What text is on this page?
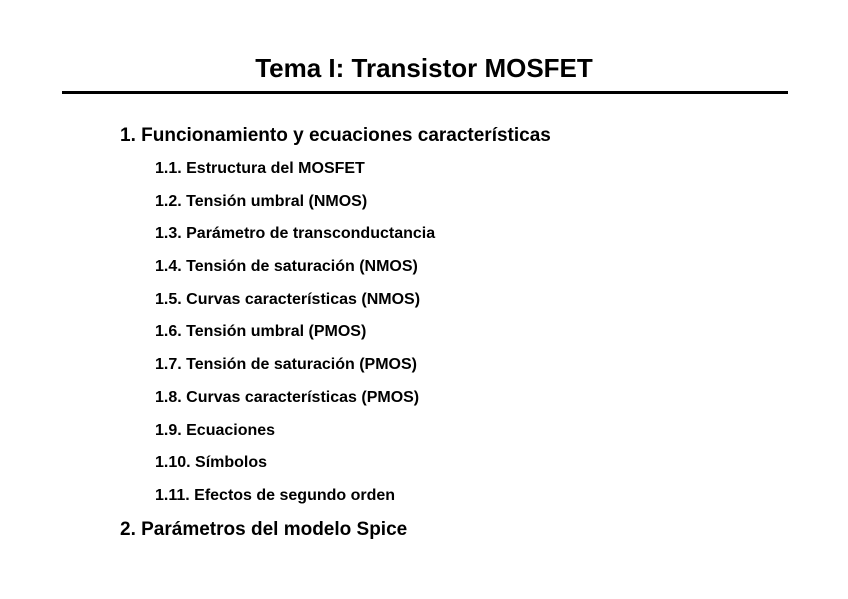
Tema I: Transistor MOSFET
1. Funcionamiento y ecuaciones características
1.1. Estructura del MOSFET
1.2. Tensión umbral (NMOS)
1.3. Parámetro de transconductancia
1.4. Tensión de saturación (NMOS)
1.5. Curvas características (NMOS)
1.6. Tensión umbral (PMOS)
1.7. Tensión de saturación (PMOS)
1.8. Curvas características (PMOS)
1.9. Ecuaciones
1.10. Símbolos
1.11. Efectos de segundo orden
2. Parámetros del modelo Spice
